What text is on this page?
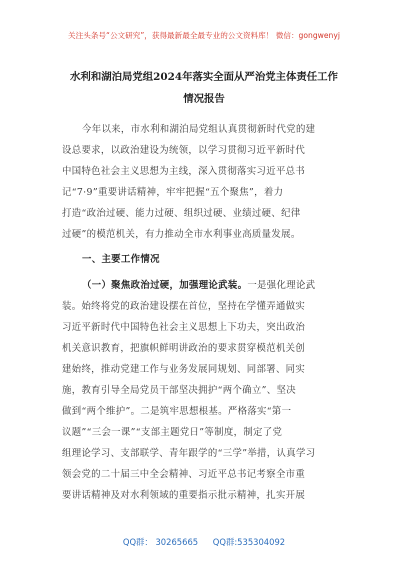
关注头条号“公文研究”，获得最新最全最专业的公文资料库！ 微信：gongwenyj
水利和湖泊局党组2024年落实全面从严治党主体责任工作
情况报告
今年以来，市水利和湖泊局党组认真贯彻新时代党的建
设总要求，以政治建设为统领，以学习贯彻习近平新时代
中国特色社会主义思想为主线，深入贯彻落实习近平总书
记“7·9”重要讲话精神，牢牢把握“五个聚焦”，着力
打造“政治过硬、能力过硬、组织过硬、业绩过硬、纪律
过硬”的模范机关，有力推动全市水利事业高质量发展。
一、主要工作情况
（一）聚焦政治过硬，加强理论武装。一是强化理论武
装。始终将党的政治建设摆在首位，坚持在学懂弄通做实
习近平新时代中国特色社会主义思想上下功夫，突出政治
机关意识教育，把旗帜鲜明讲政治的要求贯穿模范机关创
建始终，推动党建工作与业务发展同规划、同部署、同实
施，教育引导全局党员干部坚决拥护“两个确立”、坚决
做到“两个维护”。二是筑牢思想根基。严格落实“第一
议题”“三会一课”“支部主题党日”等制度，制定了党
组理论学习、支部联学、青年跟学的“三学”举措，认真学习
领会党的二十届三中全会精神、习近平总书记考察全市重
要讲话精神及对水利领域的重要指示批示精神，扎实开展
QQ群： 30265665 QQ群:535304092
